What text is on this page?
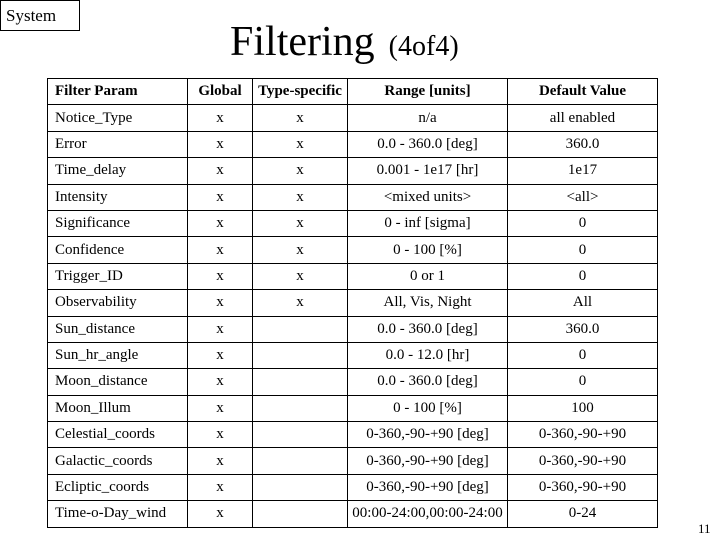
System
Filtering (4of4)
Filter Param	Global	Type-specific	Range [units]	Default Value
Notice_Type	x	x	n/a	all enabled
Error	x	x	0.0 - 360.0 [deg]	360.0
Time_delay	x	x	0.001 - 1e17 [hr]	1e17
Intensity	x	x	<mixed units>	<all>
Significance	x	x	0 - inf [sigma]	0
Confidence	x	x	0 - 100 [%]	0
Trigger_ID	x	x	0 or 1	0
Observability	x	x	All, Vis, Night	All
Sun_distance	x		0.0 - 360.0 [deg]	360.0
Sun_hr_angle	x		0.0 - 12.0 [hr]	0
Moon_distance	x		0.0 - 360.0 [deg]	0
Moon_Illum	x		0 - 100 [%]	100
Celestial_coords	x		0-360,-90-+90 [deg]	0-360,-90-+90
Galactic_coords	x		0-360,-90-+90 [deg]	0-360,-90-+90
Ecliptic_coords	x		0-360,-90-+90 [deg]	0-360,-90-+90
Time-o-Day_wind	x		00:00-24:00,00:00-24:00	0-24
11
